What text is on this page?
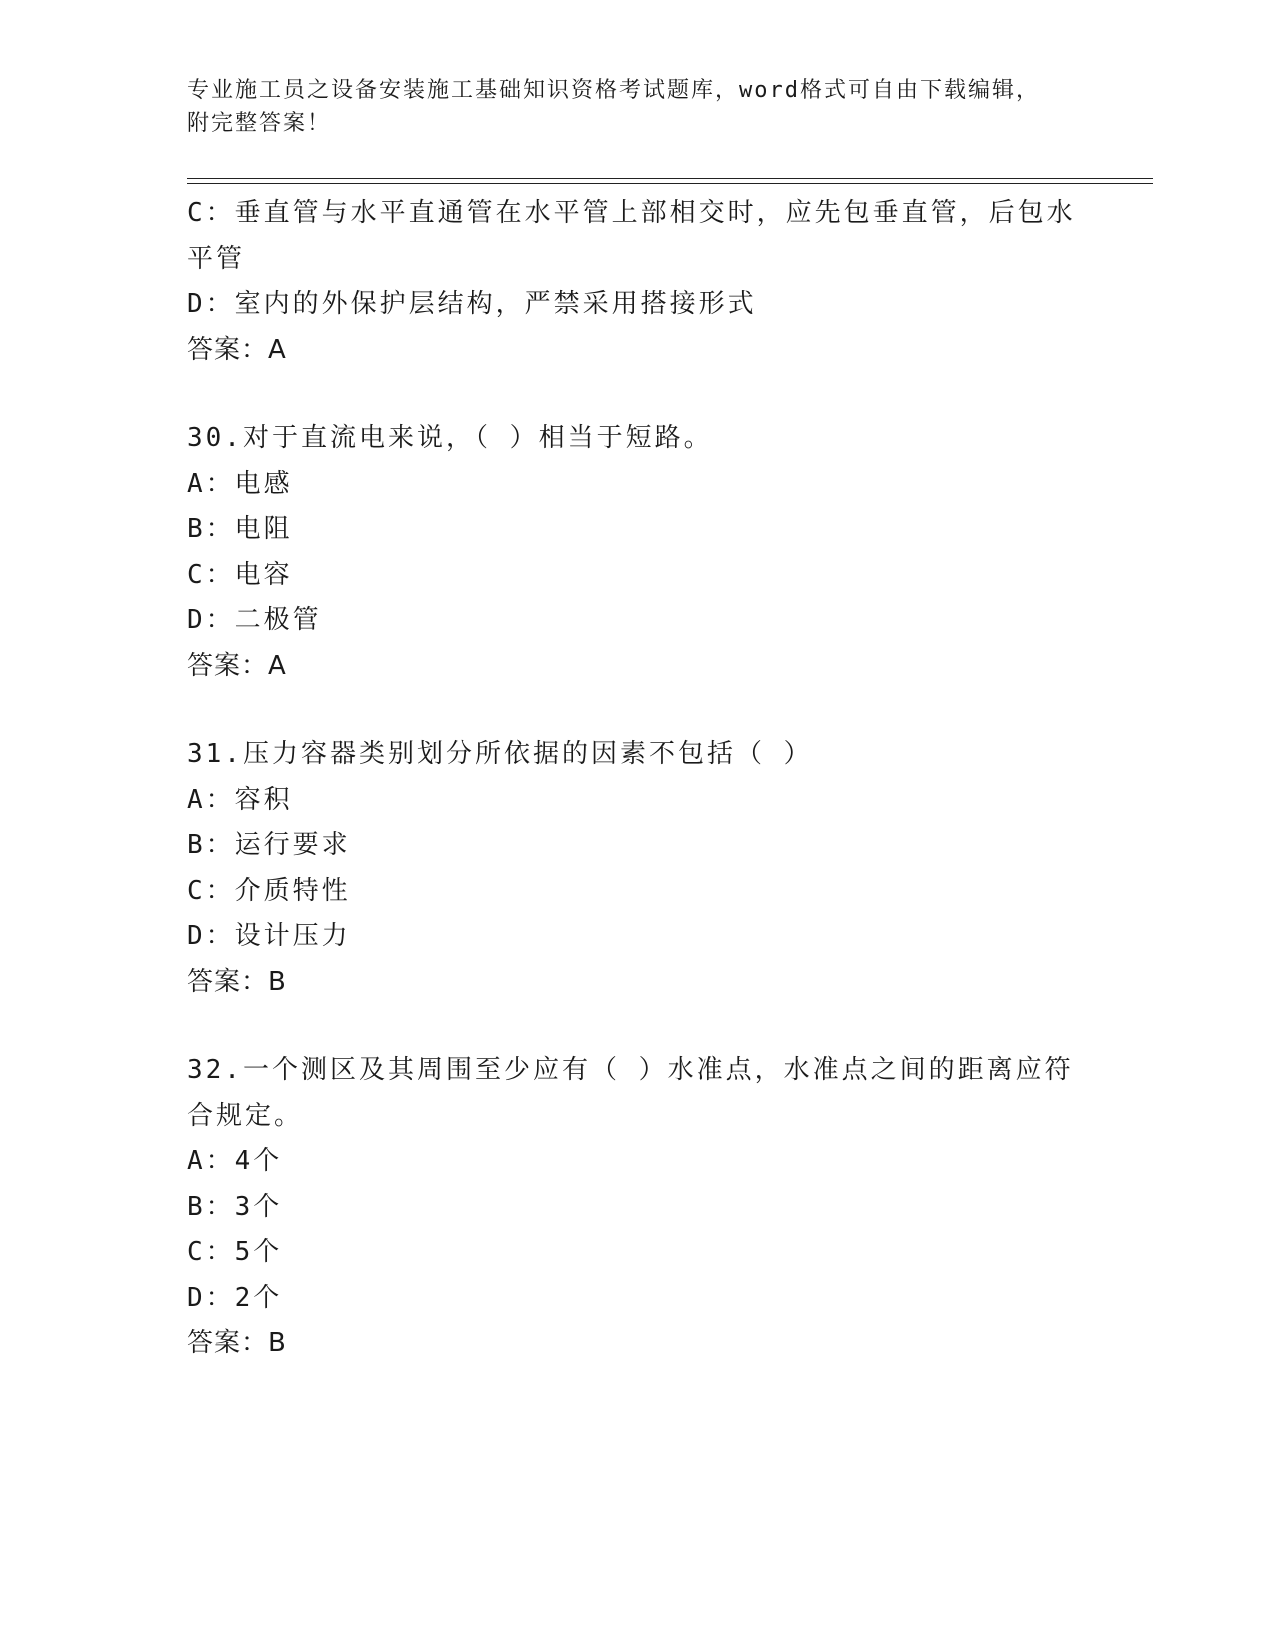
专业施工员之设备安装施工基础知识资格考试题库，word格式可自由下载编辑，
附完整答案！
C：垂直管与水平直通管在水平管上部相交时，应先包垂直管，后包水
平管
D：室内的外保护层结构，严禁采用搭接形式
答案：A
30.对于直流电来说，（ ）相当于短路。
A：电感
B：电阻
C：电容
D：二极管
答案：A
31.压力容器类别划分所依据的因素不包括（ ）
A：容积
B：运行要求
C：介质特性
D：设计压力
答案：B
32.一个测区及其周围至少应有（ ）水准点，水准点之间的距离应符
合规定。
A：4个
B：3个
C：5个
D：2个
答案：B
